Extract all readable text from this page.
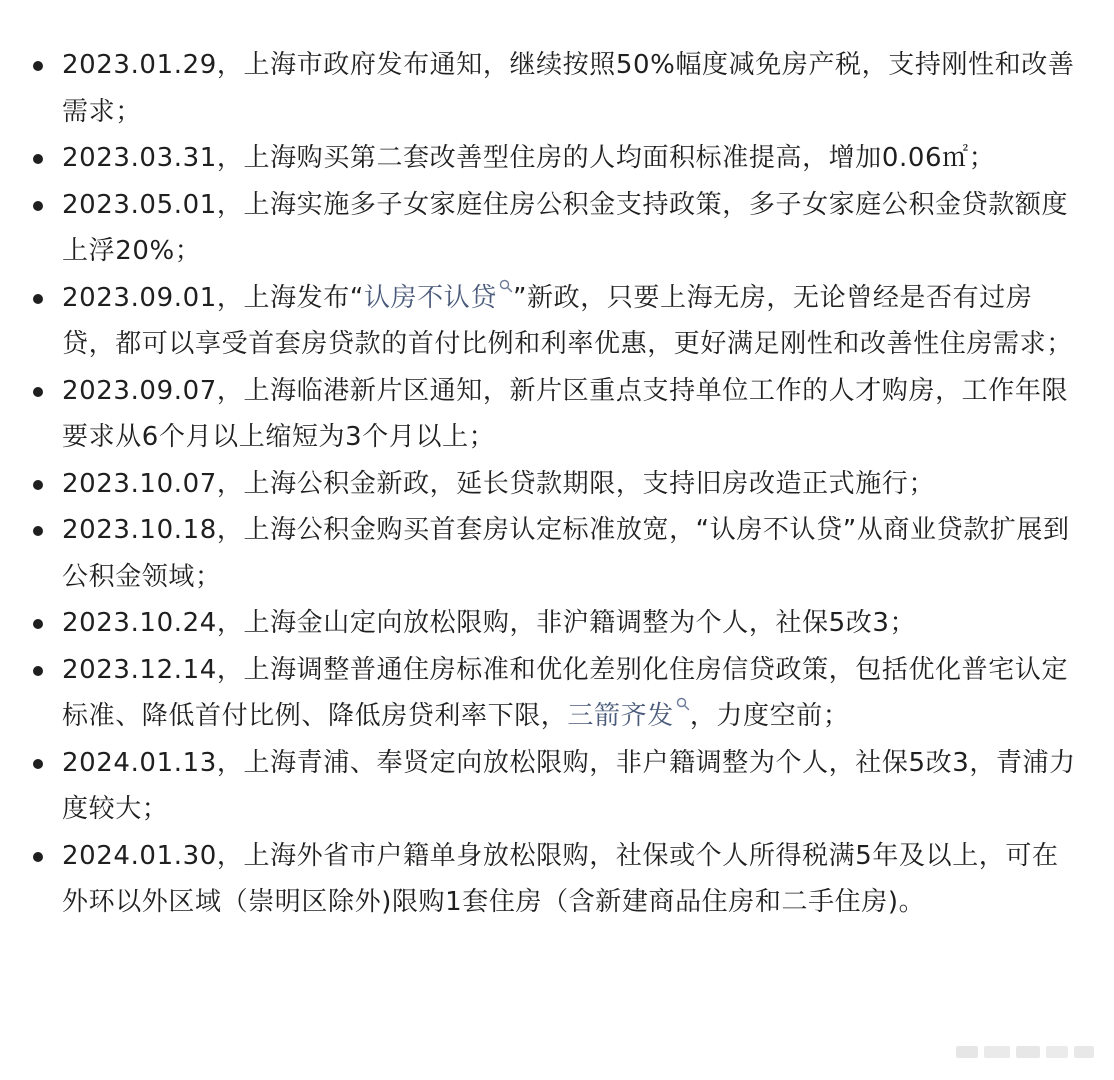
2023.01.29，上海市政府发布通知，继续按照50%幅度减免房产税，支持刚性和改善需求；
2023.03.31，上海购买第二套改善型住房的人均面积标准提高，增加0.06㎡；
2023.05.01，上海实施多子女家庭住房公积金支持政策，多子女家庭公积金贷款额度上浮20%；
2023.09.01，上海发布“认房不认贷 ”新政，只要上海无房，无论曾经是否有过房贷，都可以享受首套房贷款的首付比例和利率优惠，更好满足刚性和改善性住房需求；
2023.09.07，上海临港新片区通知，新片区重点支持单位工作的人才购房，工作年限要求从6个月以上缩短为3个月以上；
2023.10.07，上海公积金新政，延长贷款期限，支持旧房改造正式施行；
2023.10.18，上海公积金购买首套房认定标准放宽，“认房不认贷”从商业贷款扩展到公积金领域；
2023.10.24，上海金山定向放松限购，非沪籍调整为个人，社保5改3；
2023.12.14，上海调整普通住房标准和优化差别化住房信贷政策，包括优化普宅认定标准、降低首付比例、降低房贷利率下限，三箭齐发 ，力度空前；
2024.01.13，上海青浦、奉贤定向放松限购，非户籍调整为个人，社保5改3，青浦力度较大；
2024.01.30，上海外省市户籍单身放松限购，社保或个人所得税满5年及以上，可在外环以外区域（崇明区除外)限购1套住房（含新建商品住房和二手住房)。
